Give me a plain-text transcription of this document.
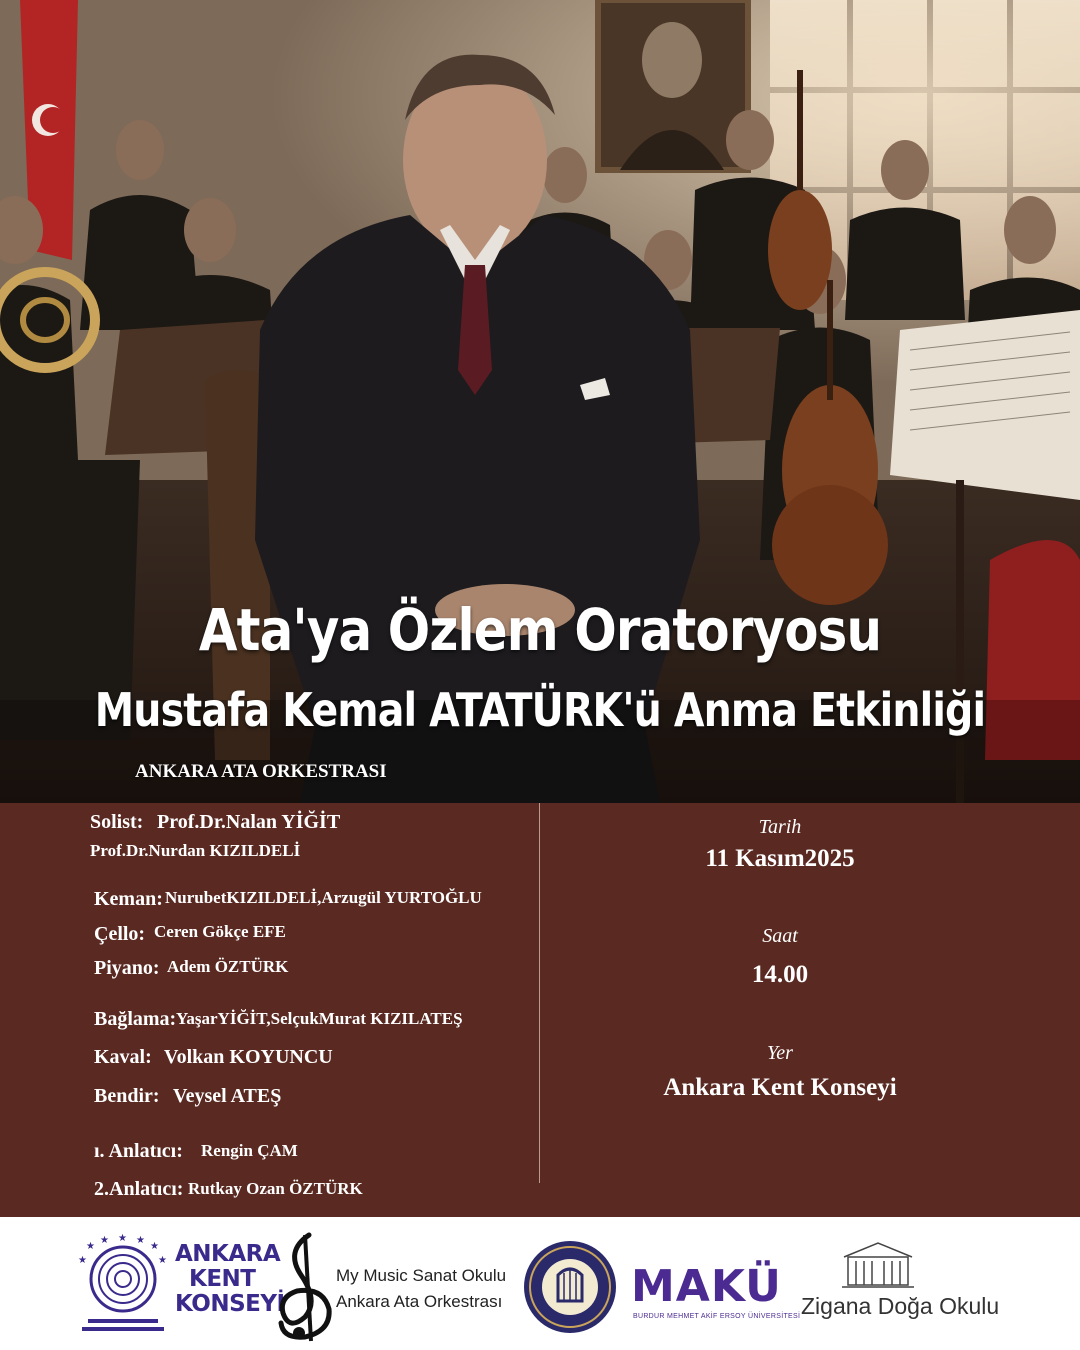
Ata'ya Özlem Oratoryosu
Mustafa Kemal ATATÜRK'ü Anma Etkinliği
ANKARA ATA ORKESTRASI
Solist: Prof.Dr.Nalan YİĞİT
Prof.Dr.Nurdan KIZILDELİ
Keman: NurubetKIZILDELİ,Arzugül YURTOĞLU
Çello: Ceren Gökçe EFE
Piyano: Adem ÖZTÜRK
Bağlama: YaşarYİĞİT,SelçukMurat KIZILATEŞ
Kaval: Volkan KOYUNCU
Bendir: Veysel ATEŞ
ı. Anlatıcı: Rengin ÇAM
2.Anlatıcı: Rutkay Ozan ÖZTÜRK
Tarih
11 Kasım2025
Saat
14.00
Yer
Ankara Kent Konseyi
★
★ ★ ★
★
★
★	ANKARA
KENT
KONSEYİ
My Music Sanat Okulu
Ankara Ata Orkestrası	MAKÜ
BURDUR MEHMET AKİF ERSOY ÜNİVERSİTESİ Zigana Doğa Okulu
